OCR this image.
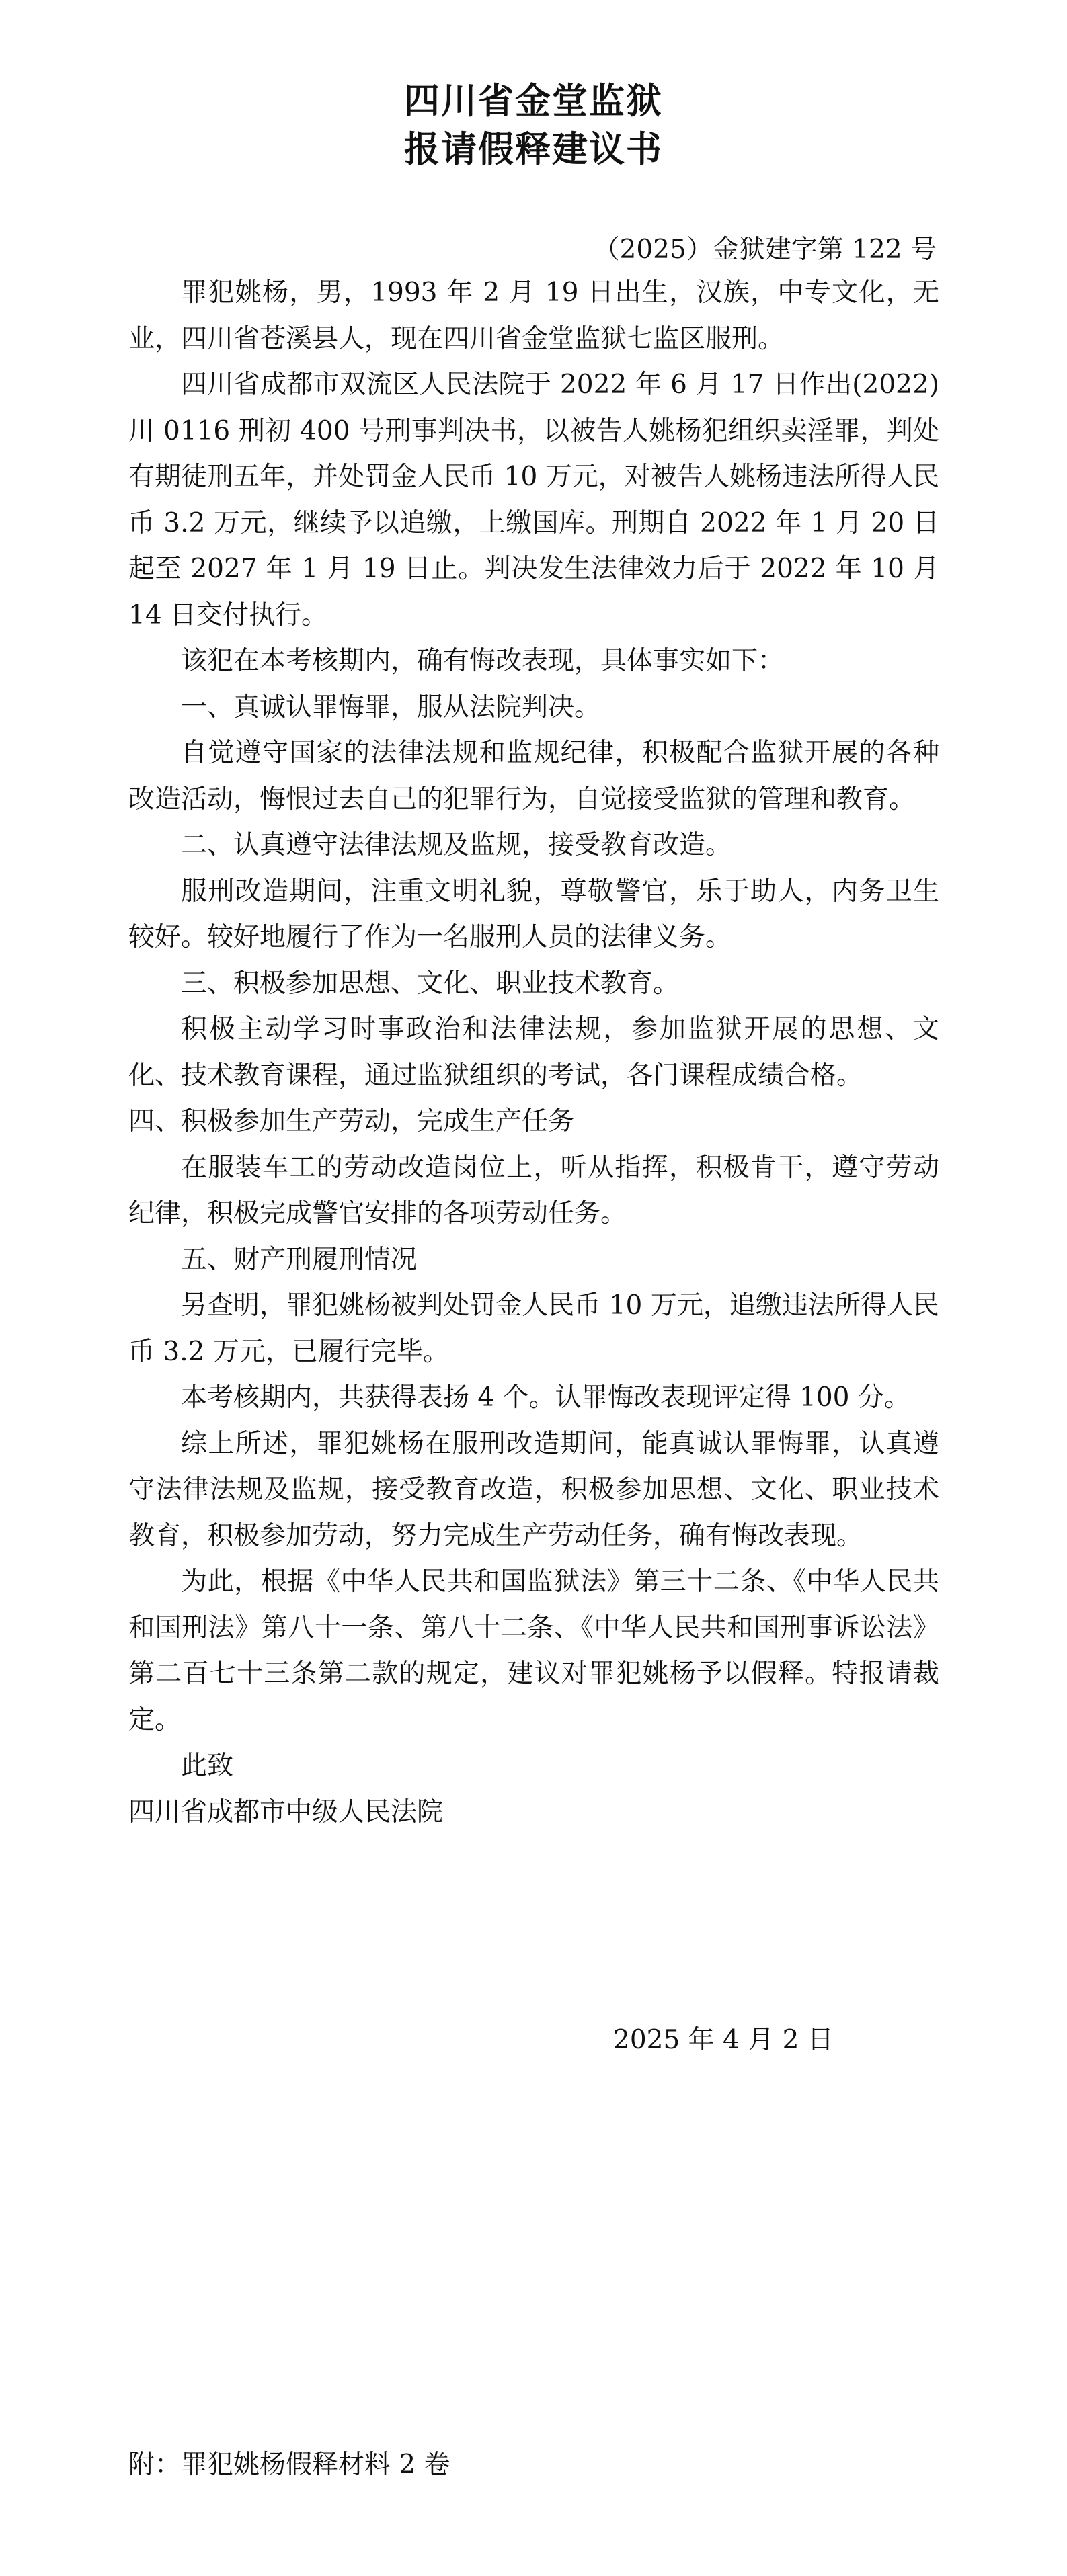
四川省金堂监狱
报请假释建议书
（2025）金狱建字第 122 号

罪犯姚杨，男，1993 年 2 月 19 日出生，汉族，中专文化，无业，四川省苍溪县人，现在四川省金堂监狱七监区服刑。

四川省成都市双流区人民法院于 2022 年 6 月 17 日作出(2022)川 0116 刑初 400 号刑事判决书，以被告人姚杨犯组织卖淫罪，判处有期徒刑五年，并处罚金人民币 10 万元，对被告人姚杨违法所得人民币 3.2 万元，继续予以追缴，上缴国库。刑期自 2022 年 1 月 20 日起至 2027 年 1 月 19 日止。判决发生法律效力后于 2022 年 10 月 14 日交付执行。

该犯在本考核期内，确有悔改表现，具体事实如下：

一、真诚认罪悔罪，服从法院判决。

自觉遵守国家的法律法规和监规纪律，积极配合监狱开展的各种改造活动，悔恨过去自己的犯罪行为，自觉接受监狱的管理和教育。

二、认真遵守法律法规及监规，接受教育改造。

服刑改造期间，注重文明礼貌，尊敬警官，乐于助人，内务卫生较好。较好地履行了作为一名服刑人员的法律义务。

三、积极参加思想、文化、职业技术教育。

积极主动学习时事政治和法律法规，参加监狱开展的思想、文化、技术教育课程，通过监狱组织的考试，各门课程成绩合格。

四、积极参加生产劳动，完成生产任务

在服装车工的劳动改造岗位上，听从指挥，积极肯干，遵守劳动纪律，积极完成警官安排的各项劳动任务。

五、财产刑履刑情况

另查明，罪犯姚杨被判处罚金人民币 10 万元，追缴违法所得人民币 3.2 万元，已履行完毕。

本考核期内，共获得表扬 4 个。认罪悔改表现评定得 100 分。

综上所述，罪犯姚杨在服刑改造期间，能真诚认罪悔罪，认真遵守法律法规及监规，接受教育改造，积极参加思想、文化、职业技术教育，积极参加劳动，努力完成生产劳动任务，确有悔改表现。

为此，根据《中华人民共和国监狱法》第三十二条、《中华人民共和国刑法》第八十一条、第八十二条、《中华人民共和国刑事诉讼法》第二百七十三条第二款的规定，建议对罪犯姚杨予以假释。特报请裁定。

此致

四川省成都市中级人民法院

2025 年 4 月 2 日
附：罪犯姚杨假释材料 2 卷
